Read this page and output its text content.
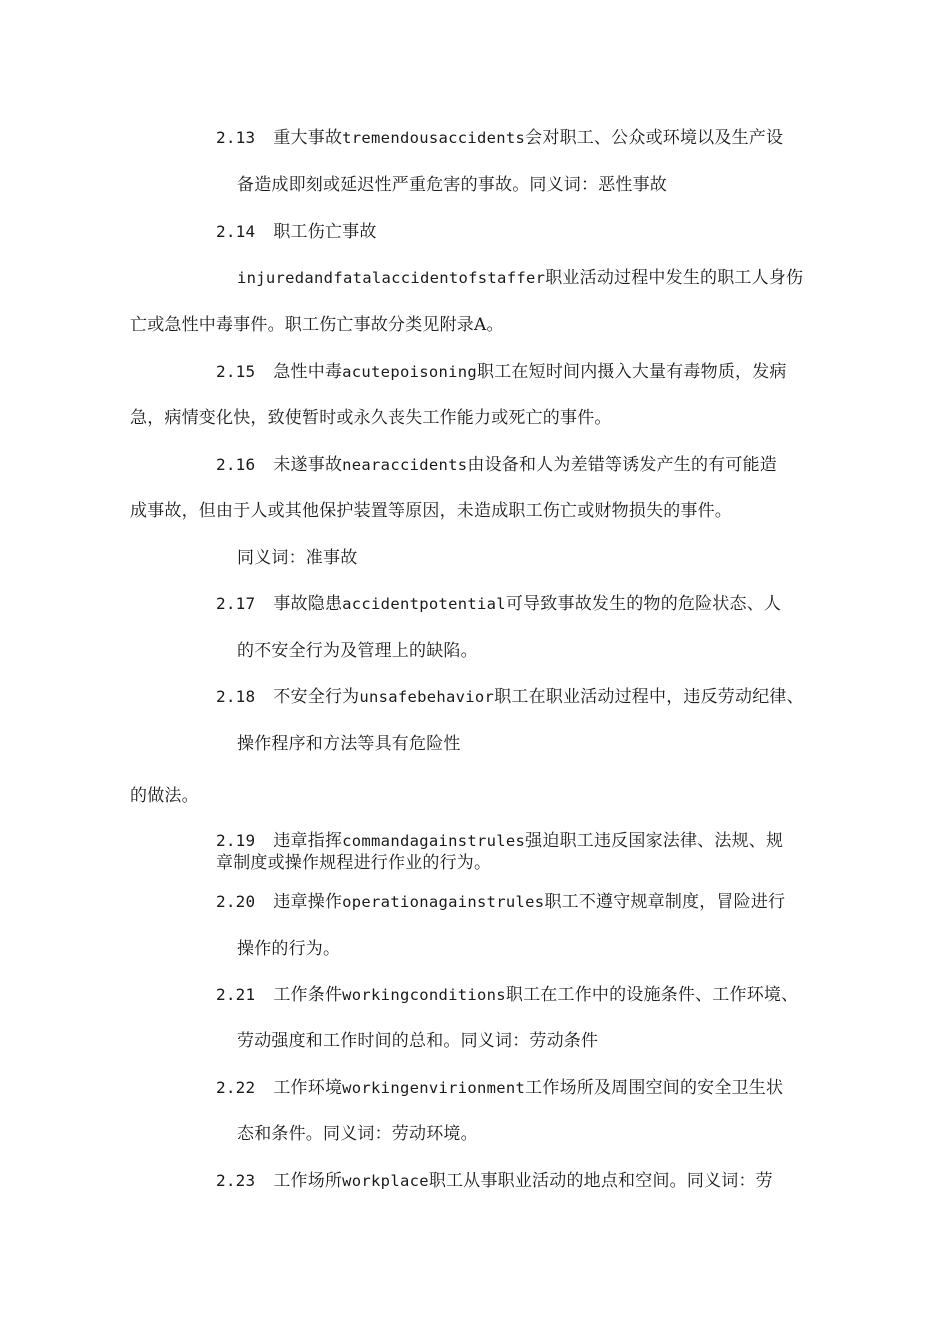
2.13 重大事故tremendousaccidents会对职工、公众或环境以及生产设
备造成即刻或延迟性严重危害的事故。同义词：恶性事故
2.14 职工伤亡事故
injuredandfatalaccidentofstaffer职业活动过程中发生的职工人身伤
亡或急性中毒事件。职工伤亡事故分类见附录A。
2.15 急性中毒acutepoisoning职工在短时间内摄入大量有毒物质，发病
急，病情变化快，致使暂时或永久丧失工作能力或死亡的事件。
2.16 未遂事故nearaccidents由设备和人为差错等诱发产生的有可能造
成事故，但由于人或其他保护装置等原因，未造成职工伤亡或财物损失的事件。
同义词：准事故
2.17 事故隐患accidentpotential可导致事故发生的物的危险状态、人
的不安全行为及管理上的缺陷。
2.18 不安全行为unsafebehavior职工在职业活动过程中，违反劳动纪律、
操作程序和方法等具有危险性
的做法。
2.19 违章指挥commandagainstrules强迫职工违反国家法律、法规、规
章制度或操作规程进行作业的行为。
2.20 违章操作operationagainstrules职工不遵守规章制度，冒险进行
操作的行为。
2.21 工作条件workingconditions职工在工作中的设施条件、工作环境、
劳动强度和工作时间的总和。同义词：劳动条件
2.22 工作环境workingenvirionment工作场所及周围空间的安全卫生状
态和条件。同义词：劳动环境。
2.23 工作场所workplace职工从事职业活动的地点和空间。同义词：劳
